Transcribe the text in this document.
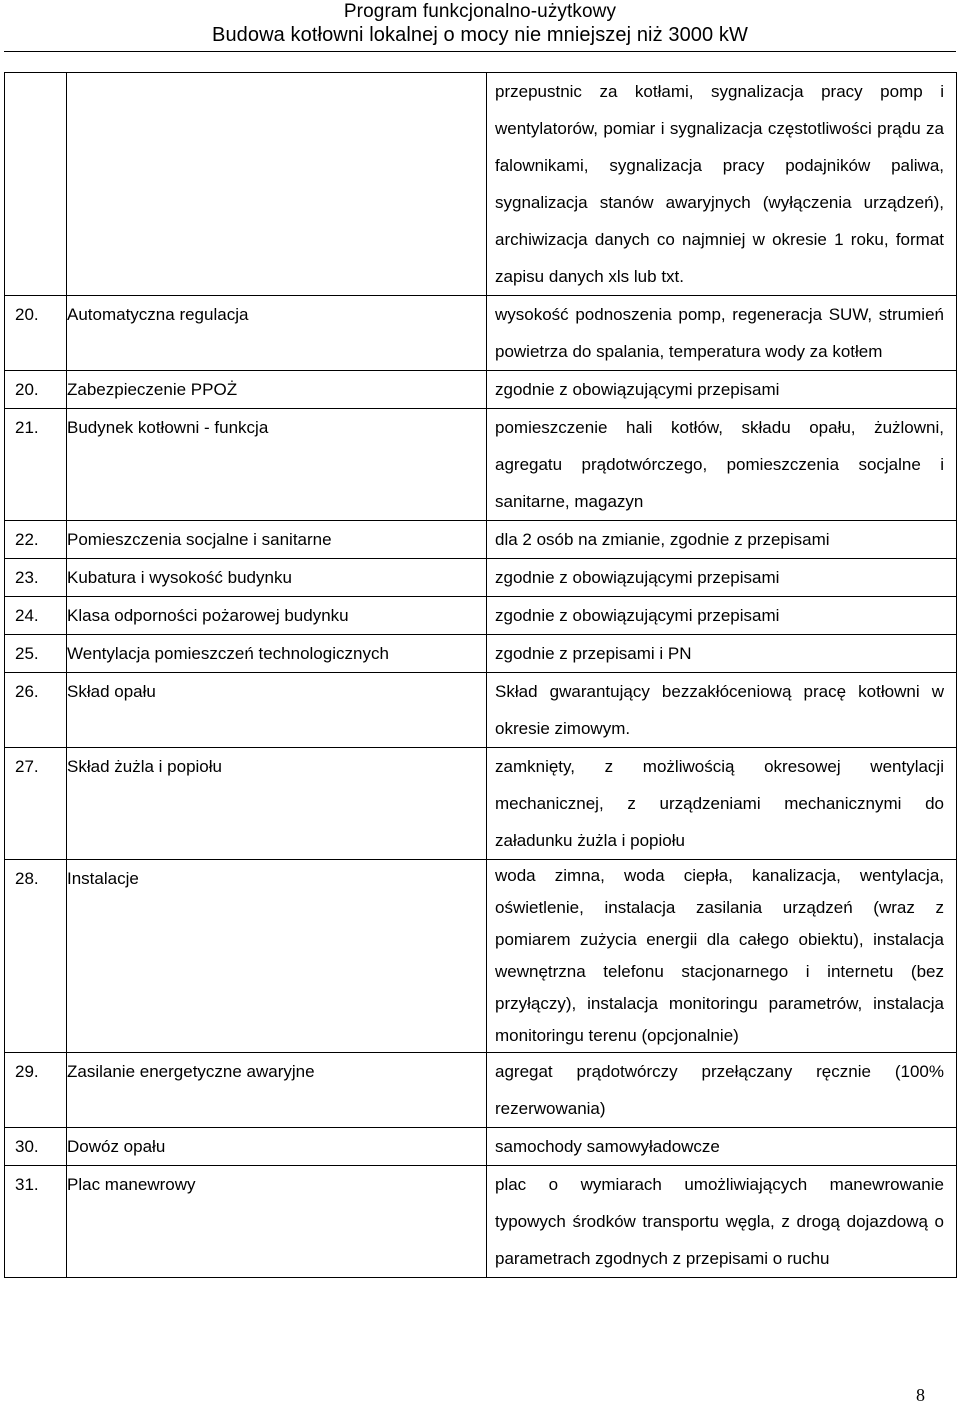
Program funkcjonalno-użytkowy
Budowa kotłowni lokalnej o mocy nie mniejszej niż 3000 kW
		przepustnic za kotłami, sygnalizacja pracy pomp i wentylatorów, pomiar i sygnalizacja częstotliwości prądu za falownikami, sygnalizacja pracy podajników paliwa, sygnalizacja stanów awaryjnych (wyłączenia urządzeń), archiwizacja danych co najmniej w okresie 1 roku, format zapisu danych xls lub txt.
20.	Automatyczna regulacja	wysokość podnoszenia pomp, regeneracja SUW, strumień powietrza do spalania, temperatura wody za kotłem
20.	Zabezpieczenie PPOŻ	zgodnie z obowiązującymi przepisami
21.	Budynek kotłowni - funkcja	pomieszczenie hali kotłów, składu opału, żużlowni, agregatu prądotwórczego, pomieszczenia socjalne i sanitarne, magazyn
22.	Pomieszczenia socjalne i sanitarne	dla 2 osób na zmianie, zgodnie z przepisami
23.	Kubatura i wysokość budynku	zgodnie z obowiązującymi przepisami
24.	Klasa odporności pożarowej budynku	zgodnie z obowiązującymi przepisami
25.	Wentylacja pomieszczeń technologicznych	zgodnie z przepisami i PN
26.	Skład opału	Skład gwarantujący bezzakłóceniową pracę kotłowni w okresie zimowym.
27.	Skład żużla i popiołu	zamknięty, z możliwością okresowej wentylacji mechanicznej, z urządzeniami mechanicznymi do załadunku żużla i popiołu
28.	Instalacje	woda zimna, woda ciepła, kanalizacja, wentylacja, oświetlenie, instalacja zasilania urządzeń (wraz z pomiarem zużycia energii dla całego obiektu), instalacja wewnętrzna telefonu stacjonarnego i internetu (bez przyłączy), instalacja monitoringu parametrów, instalacja monitoringu terenu (opcjonalnie)
29.	Zasilanie energetyczne awaryjne	agregat prądotwórczy przełączany ręcznie (100% rezerwowania)
30.	Dowóz opału	samochody samowyładowcze
31.	Plac manewrowy	plac o wymiarach umożliwiających manewrowanie typowych środków transportu węgla, z drogą dojazdową o parametrach zgodnych z przepisami o ruchu
8
